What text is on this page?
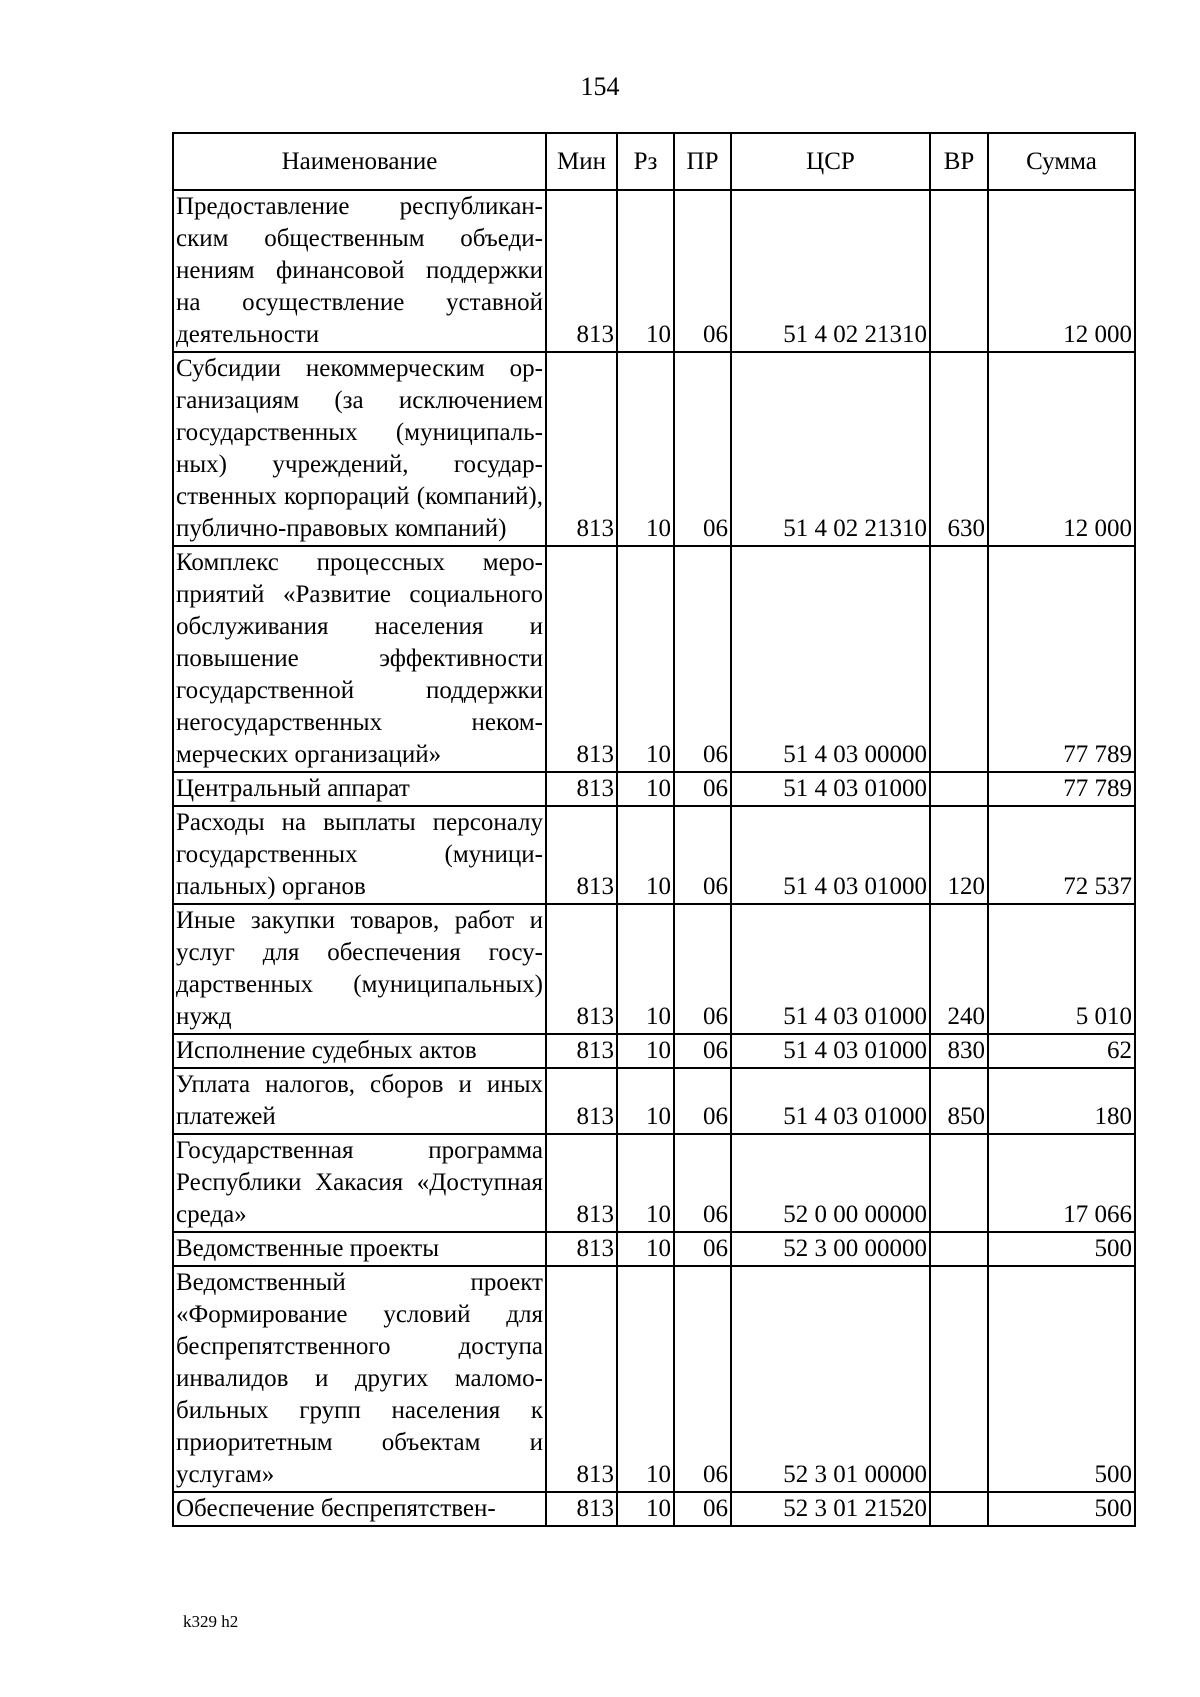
154
Наименование	Мин	Рз	ПР	ЦСР	ВР	Сумма
Предоставление республиканским общественным объединениям финансовой поддержки на осуществление уставной деятельности	813	10	06	51 4 02 21310		12 000
Субсидии некоммерческим организациям (за исключением государственных (муниципальных) учреждений, государственных корпораций (компаний), публично-правовых компаний)	813	10	06	51 4 02 21310	630	12 000
Комплекс процессных мероприятий «Развитие социального обслуживания населения и повышение эффективности государственной поддержки негосударственных некоммерческих организаций»	813	10	06	51 4 03 00000		77 789
Центральный аппарат	813	10	06	51 4 03 01000		77 789
Расходы на выплаты персоналу государственных (муниципальных) органов	813	10	06	51 4 03 01000	120	72 537
Иные закупки товаров, работ и услуг для обеспечения государственных (муниципальных) нужд	813	10	06	51 4 03 01000	240	5 010
Исполнение судебных актов	813	10	06	51 4 03 01000	830	62
Уплата налогов, сборов и иных платежей	813	10	06	51 4 03 01000	850	180
Государственная программа Республики Хакасия «Доступная среда»	813	10	06	52 0 00 00000		17 066
Ведомственные проекты	813	10	06	52 3 00 00000		500
Ведомственный проект «Формирование условий для беспрепятственного доступа инвалидов и других маломобильных групп населения к приоритетным объектам и услугам»	813	10	06	52 3 01 00000		500
Обеспечение беспрепятствен-	813	10	06	52 3 01 21520		500
k329 h2
